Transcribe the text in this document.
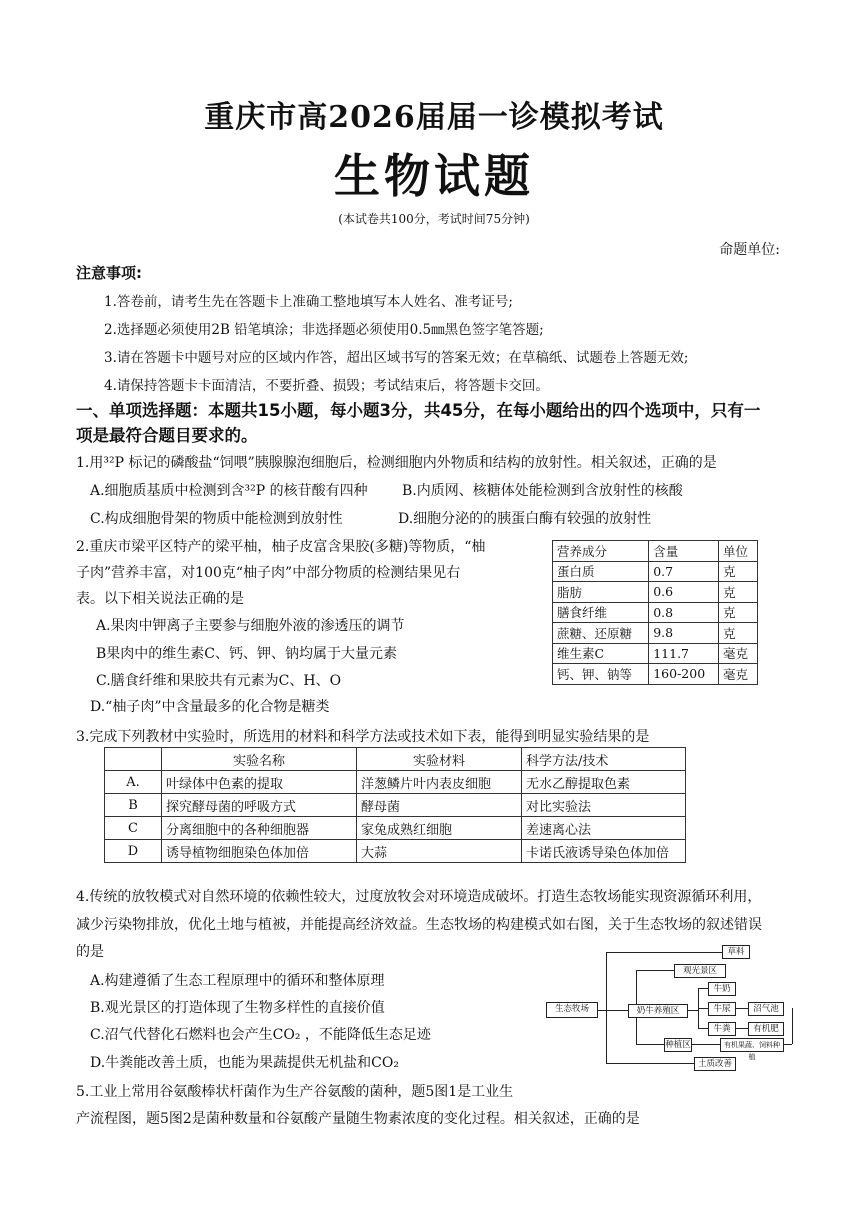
重庆市高2026届届一诊模拟考试
生物试题
(本试卷共100分，考试时间75分钟)
命题单位:
注意事项:
1.答卷前，请考生先在答题卡上准确工整地填写本人姓名、准考证号;
2.选择题必须使用2B 铅笔填涂；非选择题必须使用0.5㎜黑色签字笔答题;
3.请在答题卡中题号对应的区域内作答，超出区域书写的答案无效；在草稿纸、试题卷上答题无效;
4.请保持答题卡卡面清洁，不要折叠、损毁；考试结束后，将答题卡交回。
一、单项选择题：本题共15小题，每小题3分，共45分，在每小题给出的四个选项中，只有一
项是最符合题目要求的。
1.用³²P 标记的磷酸盐“饲喂”胰腺腺泡细胞后，检测细胞内外物质和结构的放射性。相关叙述，正确的是
A.细胞质基质中检测到含³²P 的核苷酸有四种 B.内质网、核糖体处能检测到含放射性的核酸
C.构成细胞骨架的物质中能检测到放射性	D.细胞分泌的的胰蛋白酶有较强的放射性
2.重庆市梁平区特产的梁平柚，柚子皮富含果胶(多糖)等物质，“柚
子肉”营养丰富，对100克“柚子肉”中部分物质的检测结果见右
表。以下相关说法正确的是
A.果肉中钾离子主要参与细胞外液的渗透压的调节
B果肉中的维生素C、钙、钾、钠均属于大量元素
C.膳食纤维和果胶共有元素为C、H、O
D.“柚子肉”中含量最多的化合物是糖类
营养成分	含量	单位
蛋白质	0.7	克
脂肪	0.6	克
膳食纤维	0.8	克
蔗糖、还原糖	9.8	克
维生素C	111.7	毫克
钙、钾、钠等	160-200	毫克
3.完成下列教材中实验时，所选用的材料和科学方法或技术如下表，能得到明显实验结果的是
	实验名称	实验材料	科学方法/技术
A.	叶绿体中色素的提取	洋葱鳞片叶内表皮细胞	无水乙醇提取色素
B	探究酵母菌的呼吸方式	酵母菌	对比实验法
C	分离细胞中的各种细胞器	家兔成熟红细胞	差速离心法
D	诱导植物细胞染色体加倍	大蒜	卡诺氏液诱导染色体加倍
4.传统的放牧模式对自然环境的依赖性较大，过度放牧会对环境造成破坏。打造生态牧场能实现资源循环利用，
减少污染物排放，优化土地与植被，并能提高经济效益。生态牧场的构建模式如右图，关于生态牧场的叙述错误
的是
A.构建遵循了生态工程原理中的循环和整体原理
B.观光景区的打造体现了生物多样性的直接价值
C.沼气代替化石燃料也会产生CO₂ ，不能降低生态足迹
D.牛粪能改善土质，也能为果蔬提供无机盐和CO₂
生态牧场
草料
观光景区
奶牛养殖区
牛奶
牛尿	沼气池
牛粪	有机肥
种植区	有机果蔬、饲料种植
土质改善
5.工业上常用谷氨酸棒状杆菌作为生产谷氨酸的菌种，题5图1是工业生
产流程图，题5图2是菌种数量和谷氨酸产量随生物素浓度的变化过程。相关叙述，正确的是
